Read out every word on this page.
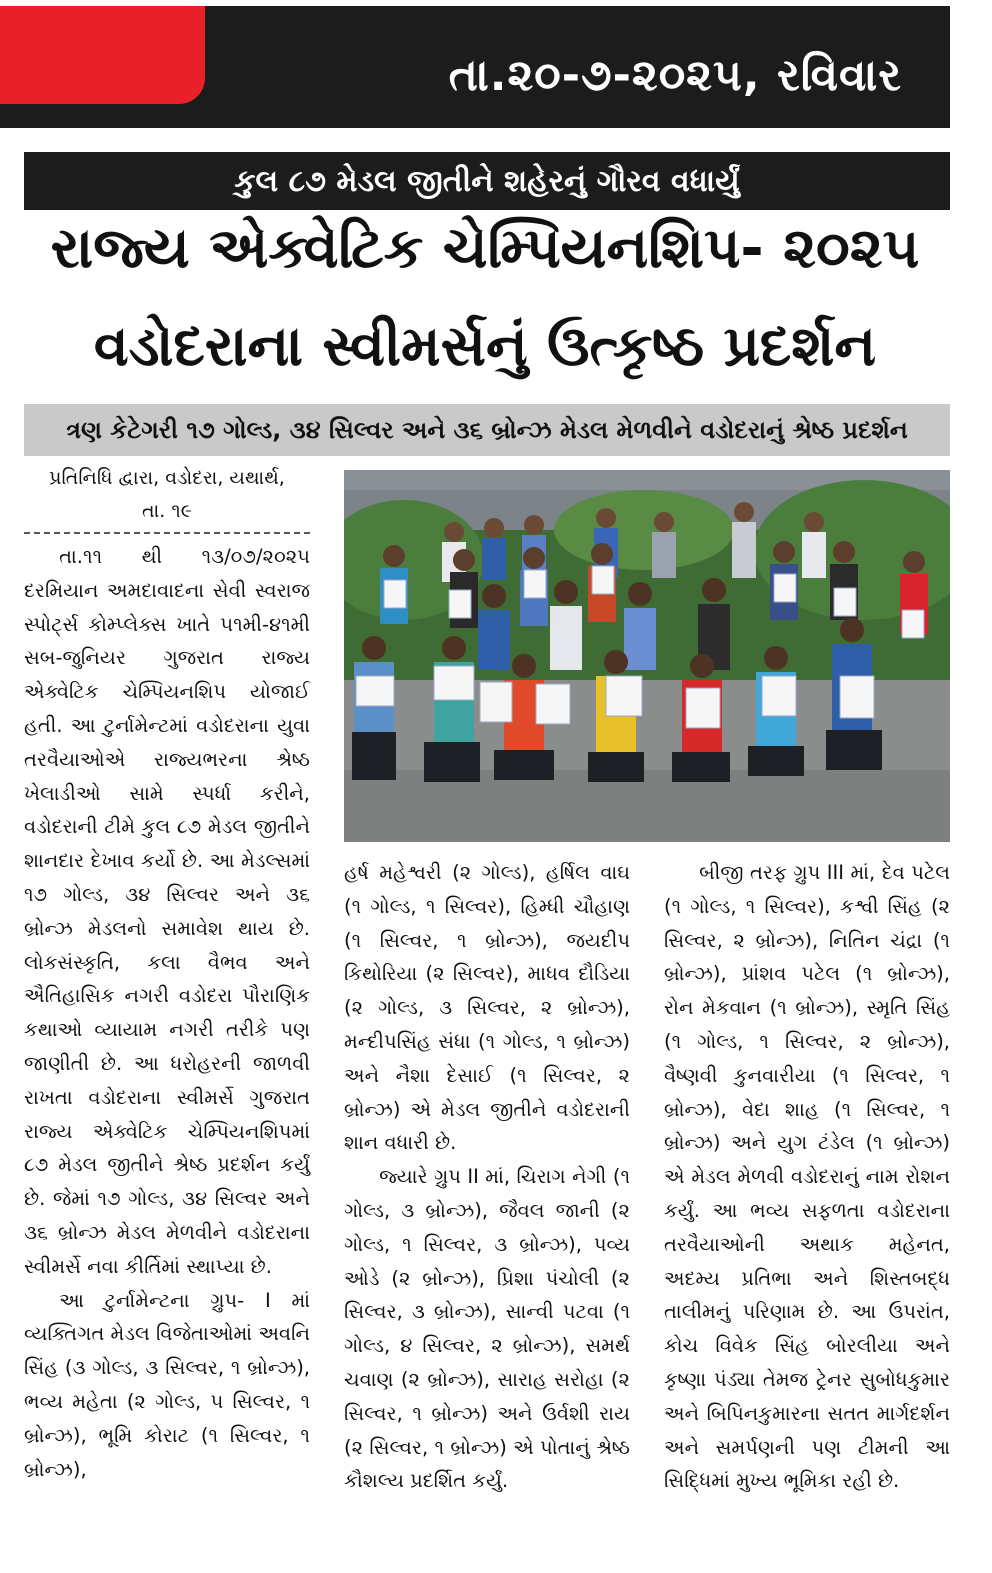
તા.૨૦-૭-૨૦૨૫, રવિવાર
કુલ ૮૭ મેડલ જીતીને શહેરનું ગૌરવ વધાર્યું
રાજ્ય એક્વેટિક ચેમ્પિયનશિપ- ૨૦૨૫
વડોદરાના સ્વીમર્સનું ઉત્કૃષ્ઠ પ્રદર્શન
ત્રણ કેટેગરી ૧૭ ગોલ્ડ, ૩૪ સિલ્વર અને ૩૬ બ્રોન્ઝ મેડલ મેળવીને વડોદરાનું શ્રેષ્ઠ પ્રદર્શન
પ્રતિનિધિ દ્વારા, વડોદરા, યથાર્થ,
તા. ૧૯

તા.૧૧ થી ૧૩/૦૭/૨૦૨૫ દરમિયાન અમદાવાદના સેવી સ્વરાજ સ્પોર્ટ્સ કોમ્પ્લેક્સ ખાતે ૫૧મી-૪૧મી સબ-જુનિયર ગુજરાત રાજ્ય એક્વેટિક ચેમ્પિયનશિપ યોજાઈ હતી. આ ટુર્નામેન્ટમાં વડોદરાના યુવા તરવૈયાઓએ રાજ્યભરના શ્રેષ્ઠ ખેલાડીઓ સામે સ્પર્ધા કરીને, વડોદરાની ટીમે કુલ ૮૭ મેડલ જીતીને શાનદાર દેખાવ કર્યો છે. આ મેડલ્સમાં ૧૭ ગોલ્ડ, ૩૪ સિલ્વર અને ૩૬ બ્રોન્ઝ મેડલનો સમાવેશ થાય છે. લોકસંસ્કૃતિ, કલા વૈભવ અને ઐતિહાસિક નગરી વડોદરા પૌરાણિક કથાઓ વ્યાયામ નગરી તરીકે પણ જાણીતી છે. આ ધરોહરની જાળવી રાખતા વડોદરાના સ્વીમર્સે ગુજરાત રાજ્ય એક્વેટિક ચેમ્પિયનશિપમાં ૮૭ મેડલ જીતીને શ્રેષ્ઠ પ્રદર્શન કર્યું છે. જેમાં ૧૭ ગોલ્ડ, ૩૪ સિલ્વર અને ૩૬ બ્રોન્ઝ મેડલ મેળવીને વડોદરાના સ્વીમર્સે નવા કીર્તિમાં સ્થાપ્યા છે.

આ ટુર્નામેન્ટના ગ્રુપ- I માં વ્યક્તિગત મેડલ વિજેતાઓમાં અવનિ સિંહ (૩ ગોલ્ડ, ૩ સિલ્વર, ૧ બ્રોન્ઝ), ભવ્ય મહેતા (૨ ગોલ્ડ, ૫ સિલ્વર, ૧ બ્રોન્ઝ), ભૂમિ કોરાટ (૧ સિલ્વર, ૧ બ્રોન્ઝ),

હર્ષ મહેશ્વરી (૨ ગોલ્ડ), હર્ષિલ વાઘ (૧ ગોલ્ડ, ૧ સિલ્વર), હિમ્ધી ચૌહાણ (૧ સિલ્વર, ૧ બ્રોન્ઝ), જયદીપ કિથોરિયા (૨ સિલ્વર), માધવ દૌડિયા (૨ ગોલ્ડ, ૩ સિલ્વર, ૨ બ્રોન્ઝ), મન્દીપસિંહ સંધા (૧ ગોલ્ડ, ૧ બ્રોન્ઝ) અને નૈશા દેસાઈ (૧ સિલ્વર, ૨ બ્રોન્ઝ) એ મેડલ જીતીને વડોદરાની શાન વધારી છે.

જ્યારે ગ્રુપ II માં, ચિરાગ નેગી (૧ ગોલ્ડ, ૩ બ્રોન્ઝ), જૈવલ જાની (૨ ગોલ્ડ, ૧ સિલ્વર, ૩ બ્રોન્ઝ), પવ્ય ઓડે (૨ બ્રોન્ઝ), પ્રિશા પંચોલી (૨ સિલ્વર, ૩ બ્રોન્ઝ), સાન્વી પટવા (૧ ગોલ્ડ, ૪ સિલ્વર, ૨ બ્રોન્ઝ), સમર્થ ચવાણ (૨ બ્રોન્ઝ), સારાહ સરોહા (૨ સિલ્વર, ૧ બ્રોન્ઝ) અને ઉર્વશી રાય (૨ સિલ્વર, ૧ બ્રોન્ઝ) એ પોતાનું શ્રેષ્ઠ કૌશલ્ય પ્રદર્શિત કર્યું.

બીજી તરફ ગ્રુપ III માં, દેવ પટેલ (૧ ગોલ્ડ, ૧ સિલ્વર), કશ્વી સિંહ (૨ સિલ્વર, ૨ બ્રોન્ઝ), નિતિન ચંદ્રા (૧ બ્રોન્ઝ), પ્રાંશવ પટેલ (૧ બ્રોન્ઝ), રોન મેકવાન (૧ બ્રોન્ઝ), સ્મૃતિ સિંહ (૧ ગોલ્ડ, ૧ સિલ્વર, ૨ બ્રોન્ઝ), વૈષ્ણવી કુનવારીયા (૧ સિલ્વર, ૧ બ્રોન્ઝ), વેદા શાહ (૧ સિલ્વર, ૧ બ્રોન્ઝ) અને યુગ ટંડેલ (૧ બ્રોન્ઝ) એ મેડલ મેળવી વડોદરાનું નામ રોશન કર્યું. આ ભવ્ય સફળતા વડોદરાના તરવૈયાઓની અથાક મહેનત, અદમ્ય પ્રતિભા અને શિસ્તબદ્ધ તાલીમનું પરિણામ છે. આ ઉપરાંત, કોચ વિવેક સિંહ બોરલીયા અને કૃષ્ણા પંડ્યા તેમજ ટ્રેનર સુબોધકુમાર અને બિપિનકુમારના સતત માર્ગદર્શન અને સમર્પણની પણ ટીમની આ સિદ્ધિમાં મુખ્ય ભૂમિકા રહી છે.
